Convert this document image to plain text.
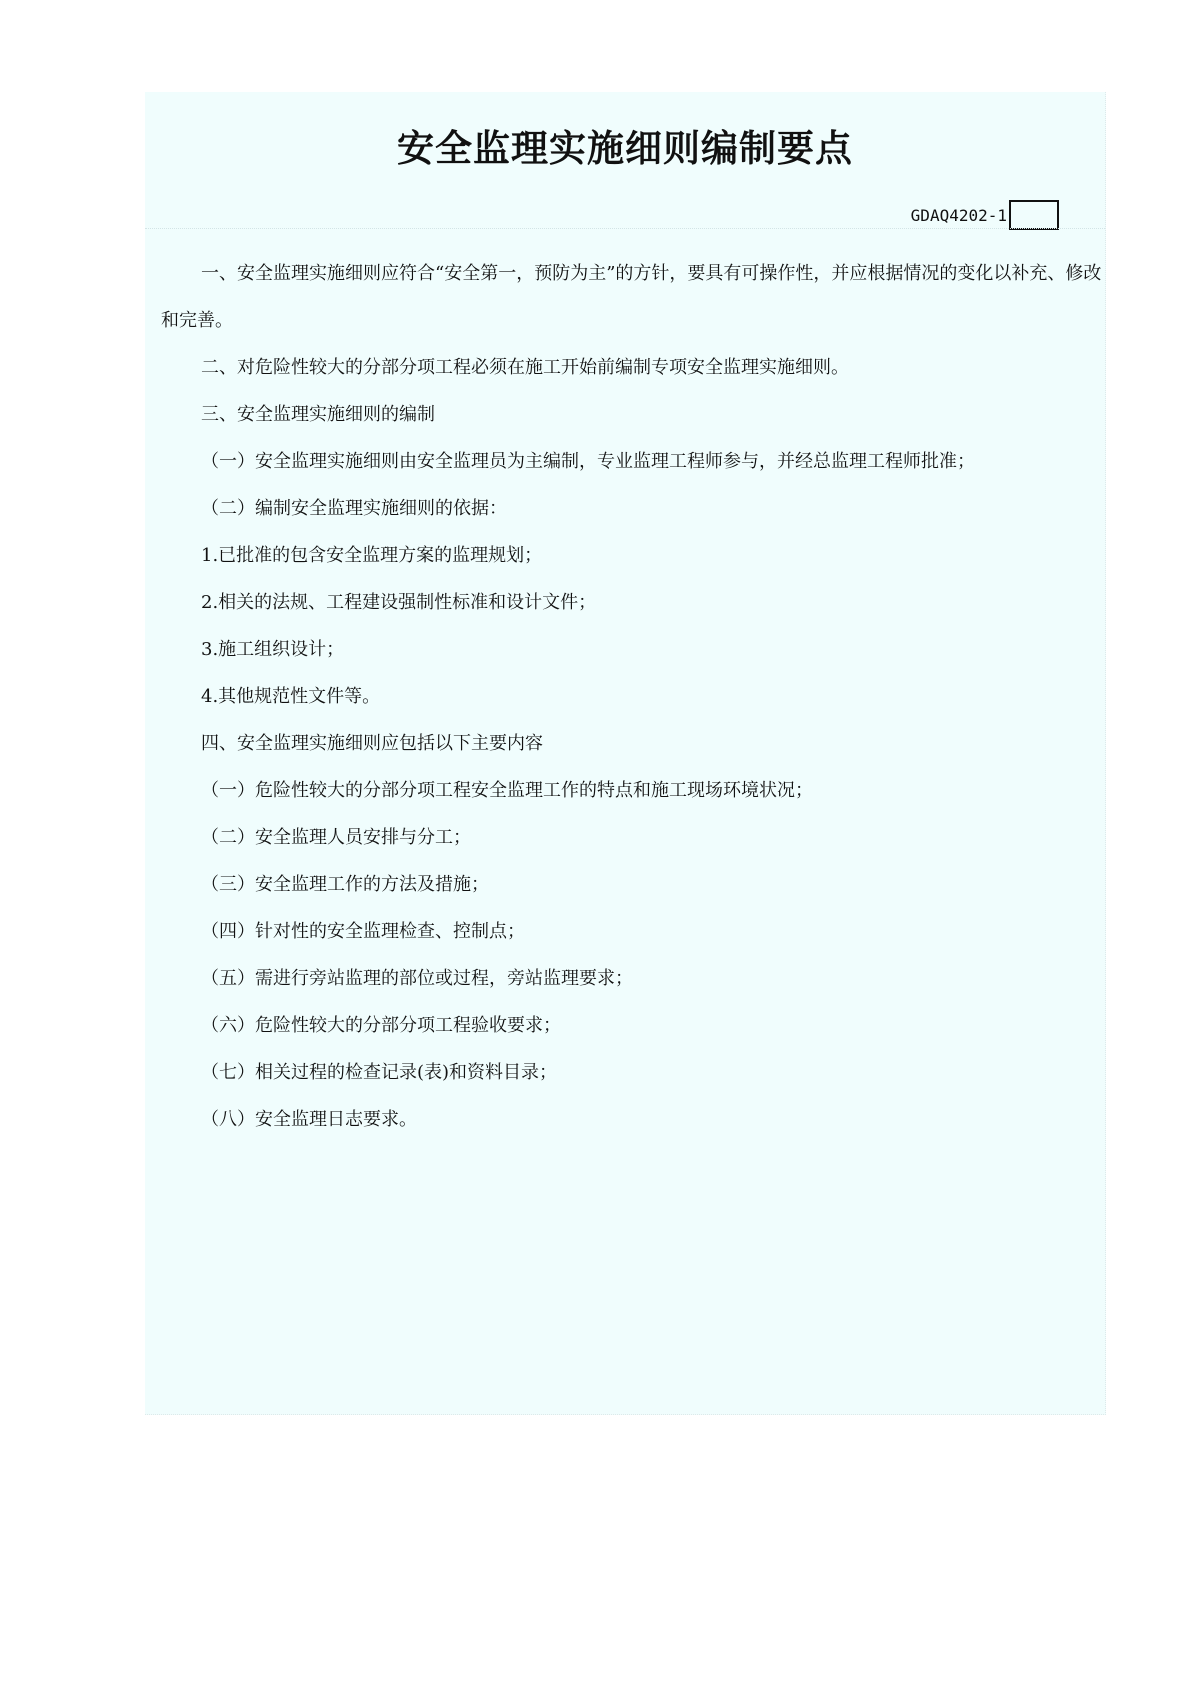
安全监理实施细则编制要点
GDAQ4202-1

一、安全监理实施细则应符合“安全第一，预防为主”的方针，要具有可操作性，并应根据情况的变化以补充、修改和完善。

二、对危险性较大的分部分项工程必须在施工开始前编制专项安全监理实施细则。

三、安全监理实施细则的编制

（一）安全监理实施细则由安全监理员为主编制，专业监理工程师参与，并经总监理工程师批准；

（二）编制安全监理实施细则的依据：

1.已批准的包含安全监理方案的监理规划；

2.相关的法规、工程建设强制性标准和设计文件；

3.施工组织设计；

4.其他规范性文件等。

四、安全监理实施细则应包括以下主要内容

（一）危险性较大的分部分项工程安全监理工作的特点和施工现场环境状况；

（二）安全监理人员安排与分工；

（三）安全监理工作的方法及措施；

（四）针对性的安全监理检查、控制点；

（五）需进行旁站监理的部位或过程，旁站监理要求；

（六）危险性较大的分部分项工程验收要求；

（七）相关过程的检查记录(表)和资料目录；

（八）安全监理日志要求。
